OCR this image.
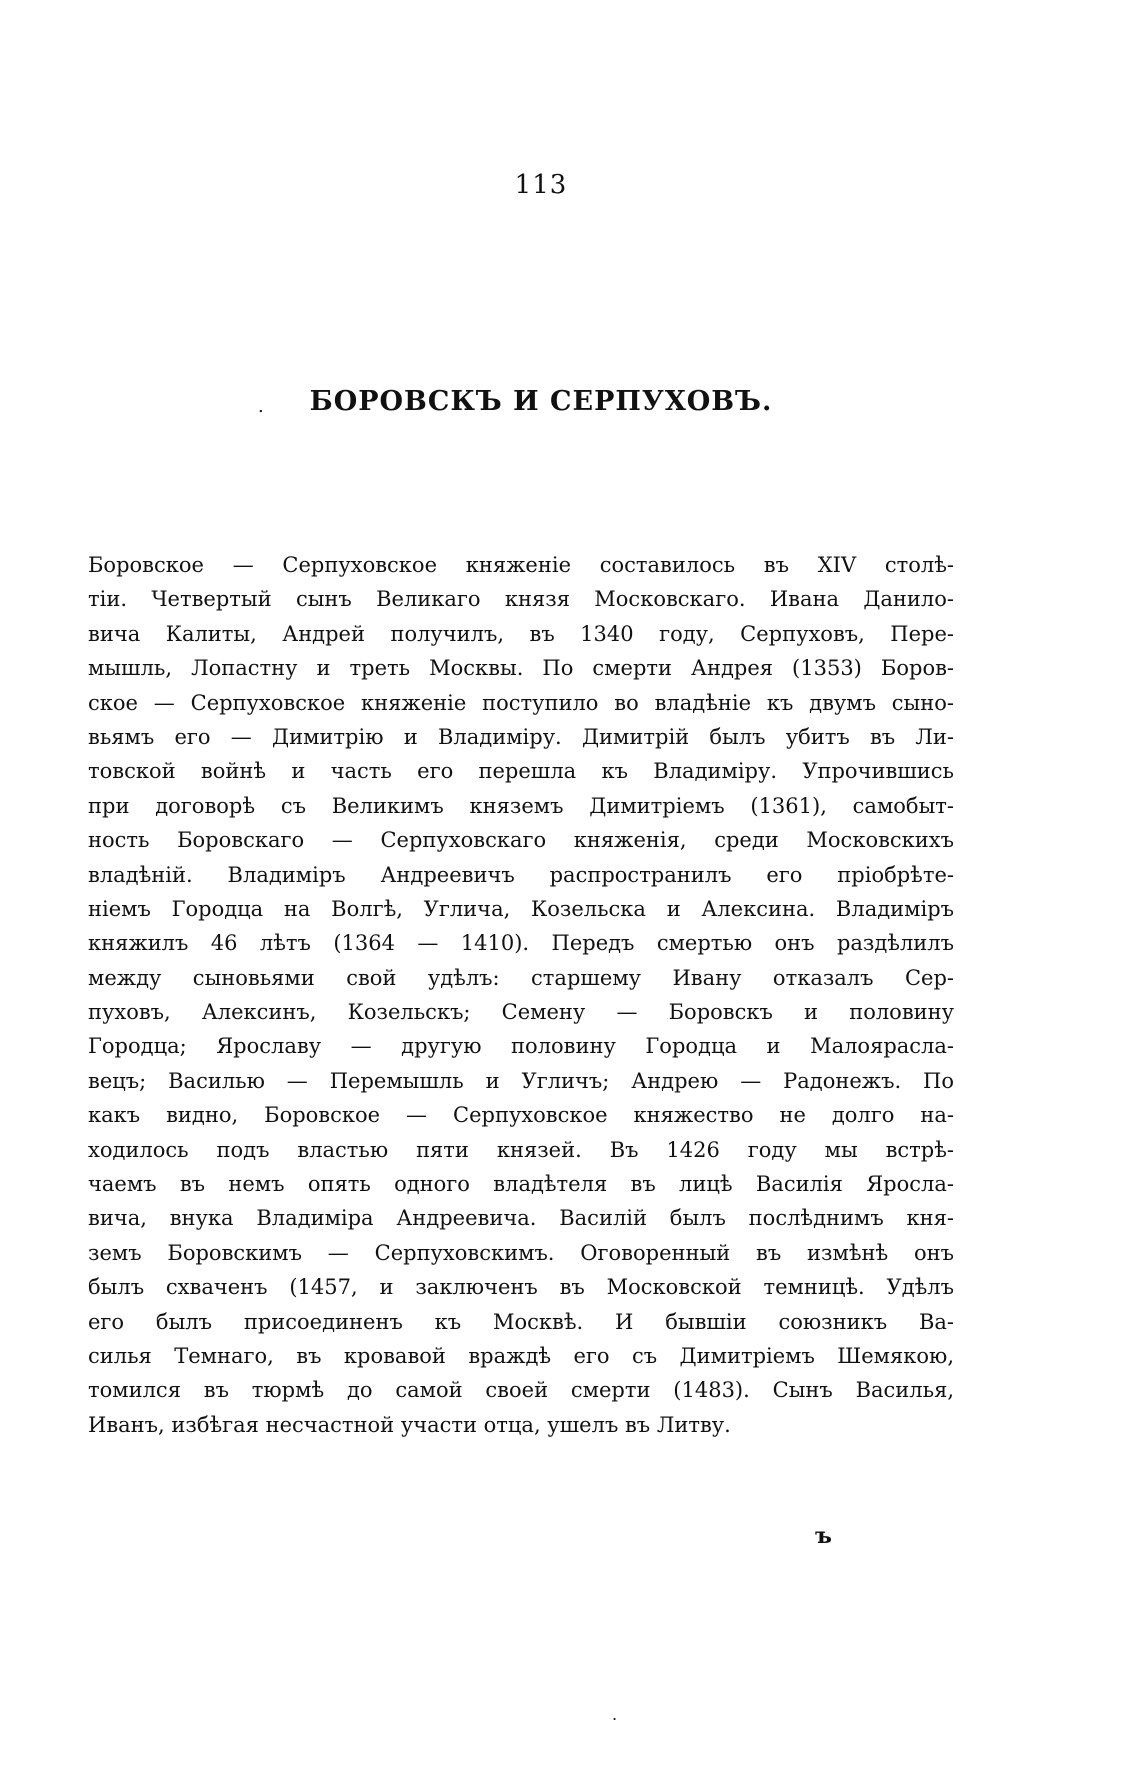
113
.	БОРОВСКЪ И СЕРПУХОВЪ.
Боровское — Серпуховское княженіе составилось въ XIV столѣ-
тіи. Четвертый сынъ Великаго князя Московскаго. Ивана Данило-
вича Калиты, Андрей получилъ, въ 1340 году, Серпуховъ, Пере-
мышль, Лопастну и треть Москвы. По смерти Андрея (1353) Боров-
ское — Серпуховское княженіе поступило во владѣніе къ двумъ сыно-
вьямъ его — Димитрію и Владиміру. Димитрій былъ убитъ въ Ли-
товской войнѣ и часть его перешла къ Владиміру. Упрочившись
при договорѣ съ Великимъ княземъ Димитріемъ (1361), самобыт-
ность Боровскаго — Серпуховскаго княженія, среди Московскихъ
владѣній. Владиміръ Андреевичъ распространилъ его пріобрѣте-
ніемъ Городца на Волгѣ, Углича, Козельска и Алексина. Владиміръ
княжилъ 46 лѣтъ (1364 — 1410). Передъ смертью онъ раздѣлилъ
между сыновьями свой удѣлъ: старшему Ивану отказалъ Сер-
пуховъ, Алексинъ, Козельскъ; Семену — Боровскъ и половину
Городца; Ярославу — другую половину Городца и Малоярасла-
вецъ; Василью — Перемышль и Угличъ; Андрею — Радонежъ. По
какъ видно, Боровское — Серпуховское княжество не долго на-
ходилось подъ властью пяти князей. Въ 1426 году мы встрѣ-
чаемъ въ немъ опять одного владѣтеля въ лицѣ Василія Яросла-
вича, внука Владиміра Андреевича. Василій былъ послѣднимъ кня-
земъ Боровскимъ — Серпуховскимъ. Оговоренный въ измѣнѣ онъ
былъ схваченъ (1457, и заключенъ въ Московской темницѣ. Удѣлъ
его былъ присоединенъ къ Москвѣ. И бывшіи союзникъ Ва-
силья Темнаго, въ кровавой враждѣ его съ Димитріемъ Шемякою,
томился въ тюрмѣ до самой своей смерти (1483). Сынъ Василья,
Иванъ, избѣгая несчастной участи отца, ушелъ въ Литву.
ъ
.
